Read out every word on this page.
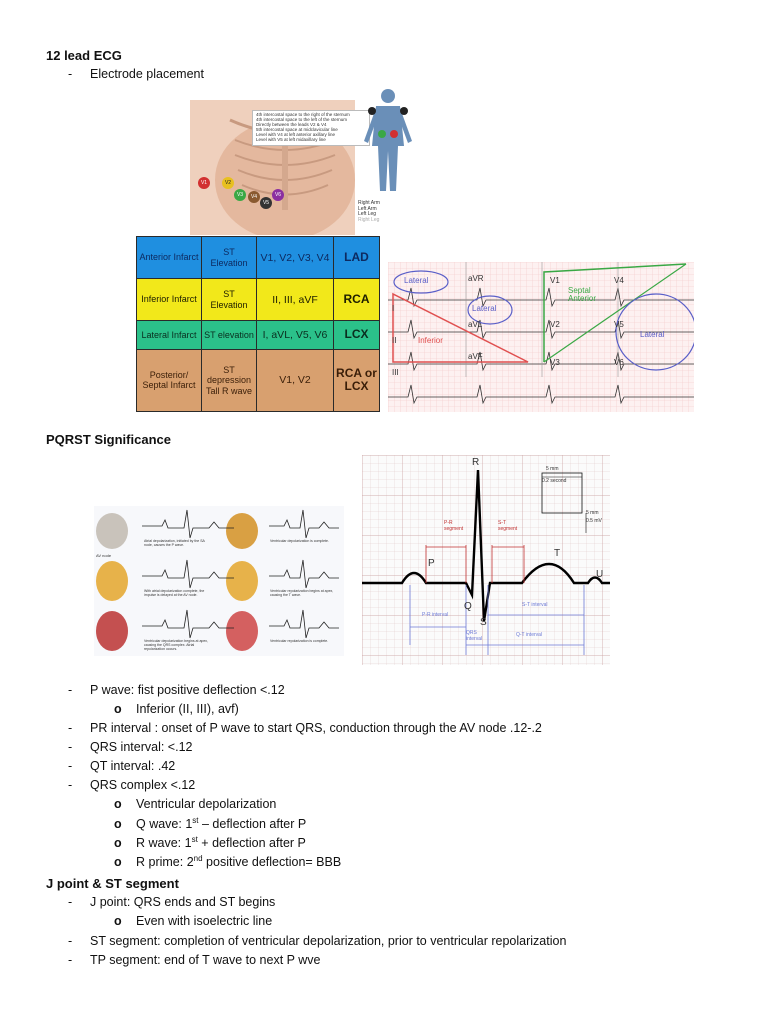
12 lead ECG
- Electrode placement
4th intercostal space to the right of the sternum
4th intercostal space to the left of the sternum
Directly between the leads V2 & V4
5th intercostal space at midclavicular line
Level with V4 at left anterior axillary line
Level with V5 at left midaxillary line
V1	V2
V3	V4
V5
V6
Right Arm
Left Arm
Left Leg
Right Leg
Anterior Infarct	ST Elevation	V1, V2, V3, V4	LAD
Inferior Infarct	ST Elevation	II, III, aVF	RCA
Lateral Infarct	ST elevation	I, aVL, V5, V6	LCX
Posterior/ Septal Infarct	ST depression Tall R wave	V1, V2	RCA or LCX
I
II
III
aVR
aVL
aVF
V1
V2
V3
V4
V5
V6
Lateral
Lateral
Inferior
Septal Anterior
Lateral
PQRST Significance
AV node
Atrial depolarization, initiated by the SA node, causes the P wave.
With atrial depolarization complete, the impulse is delayed at the AV node.
Ventricular depolarization begins at apex, causing the QRS complex. Atrial repolarization occurs.
Ventricular depolarization is complete.
Ventricular repolarization begins at apex, causing the T wave.
Ventricular repolarization is complete.
R
P
Q
S
T
U
P-R segment
S-T segment
P-R interval
QRS interval
S-T interval
Q-T interval
5 mm
0.2 second
5 mm
0.5 mV
- P wave: fist positive deflection <.12
o Inferior (II, III), avf)
- PR interval : onset of P wave to start QRS, conduction through the AV node .12-.2
- QRS interval: <.12
- QT interval: .42
- QRS complex <.12
o Ventricular depolarization
o Q wave: 1st – deflection after P
o R wave: 1st + deflection after P
o R prime: 2nd positive deflection= BBB
J point & ST segment
- J point: QRS ends and ST begins
o Even with isoelectric line
- ST segment: completion of ventricular depolarization, prior to ventricular repolarization
- TP segment: end of T wave to next P wve
